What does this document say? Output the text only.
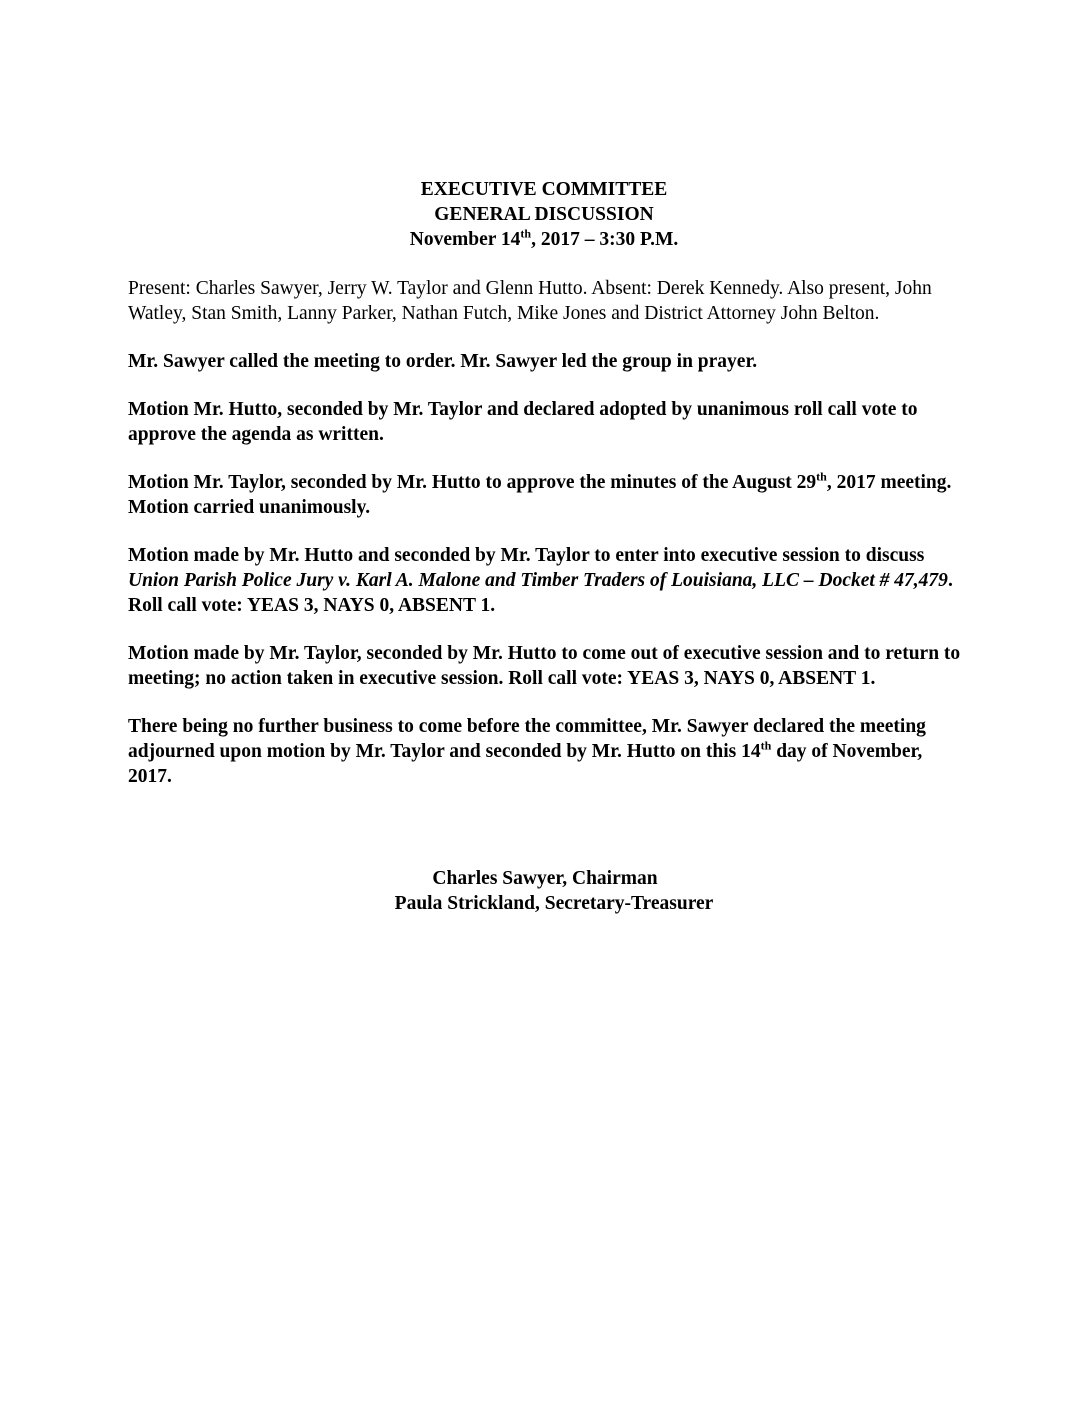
EXECUTIVE COMMITTEE
GENERAL DISCUSSION
November 14th, 2017 – 3:30 P.M.

Present: Charles Sawyer, Jerry W. Taylor and Glenn Hutto. Absent: Derek Kennedy. Also present, John Watley, Stan Smith, Lanny Parker, Nathan Futch, Mike Jones and District Attorney John Belton.

Mr. Sawyer called the meeting to order. Mr. Sawyer led the group in prayer.

Motion Mr. Hutto, seconded by Mr. Taylor and declared adopted by unanimous roll call vote to approve the agenda as written.

Motion Mr. Taylor, seconded by Mr. Hutto to approve the minutes of the August 29th, 2017 meeting. Motion carried unanimously.

Motion made by Mr. Hutto and seconded by Mr. Taylor to enter into executive session to discuss Union Parish Police Jury v. Karl A. Malone and Timber Traders of Louisiana, LLC – Docket # 47,479. Roll call vote: YEAS 3, NAYS 0, ABSENT 1.

Motion made by Mr. Taylor, seconded by Mr. Hutto to come out of executive session and to return to meeting; no action taken in executive session. Roll call vote: YEAS 3, NAYS 0, ABSENT 1.

There being no further business to come before the committee, Mr. Sawyer declared the meeting adjourned upon motion by Mr. Taylor and seconded by Mr. Hutto on this 14th day of November, 2017.

Charles Sawyer, Chairman
Paula Strickland, Secretary-Treasurer
